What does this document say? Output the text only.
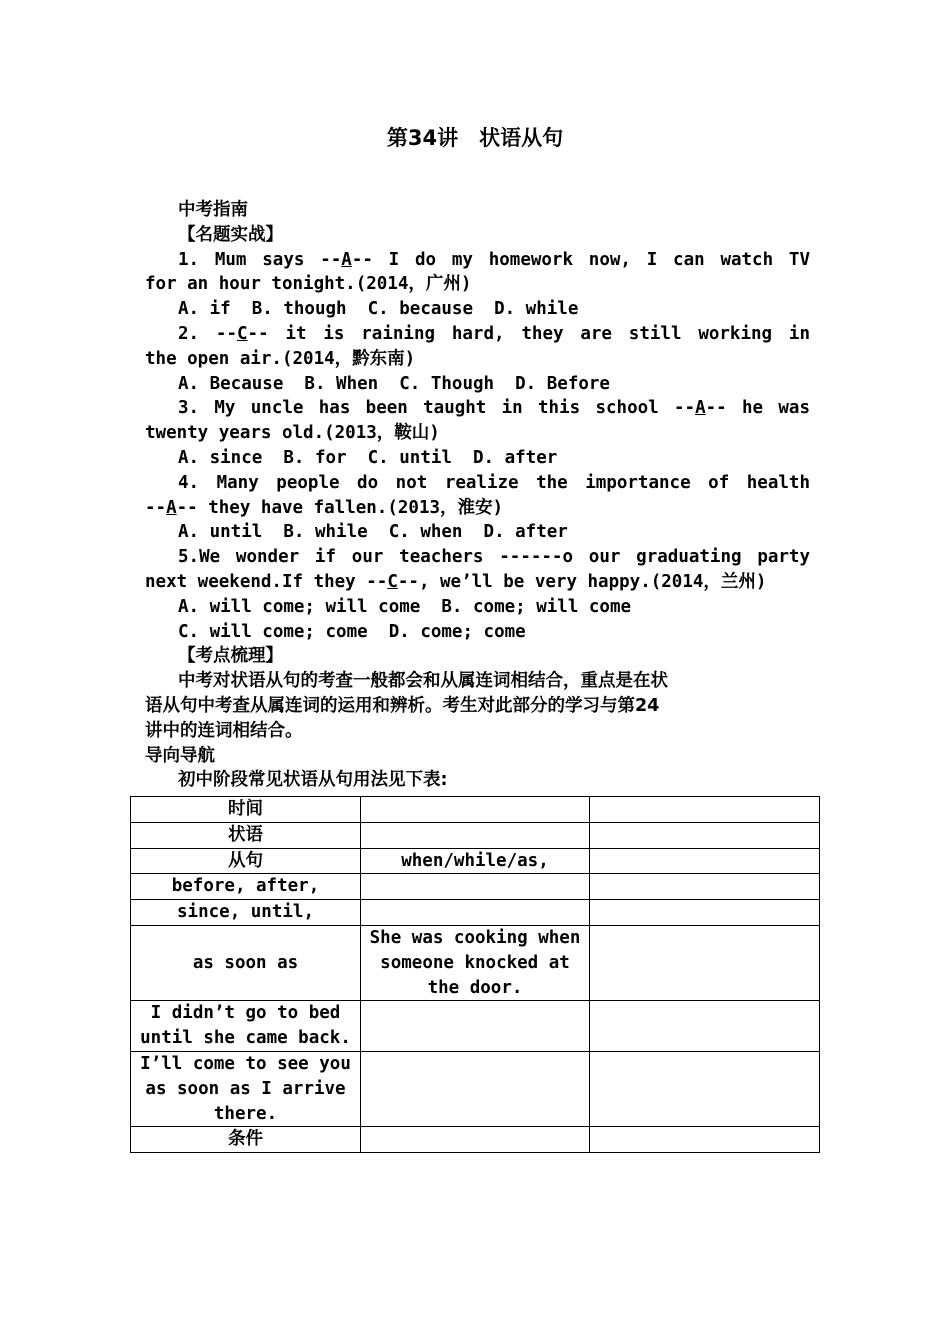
第34讲　状语从句
中考指南
【名题实战】
1. Mum says --A-- I do my homework now, I can watch TV
for an hour tonight.(2014，广州)
A. if  B. though  C. because  D. while
2. --C-- it is raining hard, they are still working in
the open air.(2014，黔东南)
A. Because  B. When  C. Though  D. Before
3. My uncle has been taught in this school --A-- he was
twenty years old.(2013，鞍山)
A. since  B. for  C. until  D. after
4. Many people do not realize the importance of health
--A-- they have fallen.(2013，淮安)
A. until  B. while  C. when  D. after
5.We wonder if our teachers ------o our graduating party
next weekend.If they --C--, we’ll be very happy.(2014，兰州)
A. will come; will come  B. come; will come
C. will come; come  D. come; come
【考点梳理】
中考对状语从句的考查一般都会和从属连词相结合，重点是在状
语从句中考查从属连词的运用和辨析。考生对此部分的学习与第24
讲中的连词相结合。
导向导航
初中阶段常见状语从句用法见下表:
时间		
状语		
从句	when/while/as,	
before, after,		
since, until,		
as soon as	She was cooking when someone knocked at the door.	
I didn’t go to bed until she came back.		
I’ll come to see you as soon as I arrive there.		
条件		
